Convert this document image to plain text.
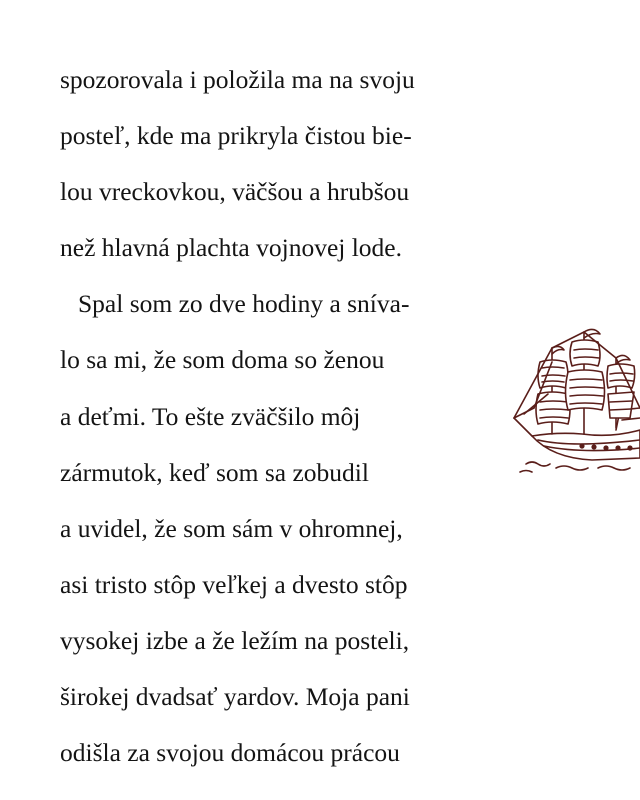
spozorovala i položila ma na svoju
posteľ, kde ma prikryla čistou bie-
lou vreckovkou, väčšou a hrubšou
než hlavná plachta vojnovej lode.
Spal som zo dve hodiny a sníva-
lo sa mi, že som doma so ženou
a deťmi. To ešte zväčšilo môj
zármutok, keď som sa zobudil
a uvidel, že som sám v ohromnej,
asi tristo stôp veľkej a dvesto stôp
vysokej izbe a že ležím na posteli,
širokej dvadsať yardov. Moja pani
odišla za svojou domácou prácou
